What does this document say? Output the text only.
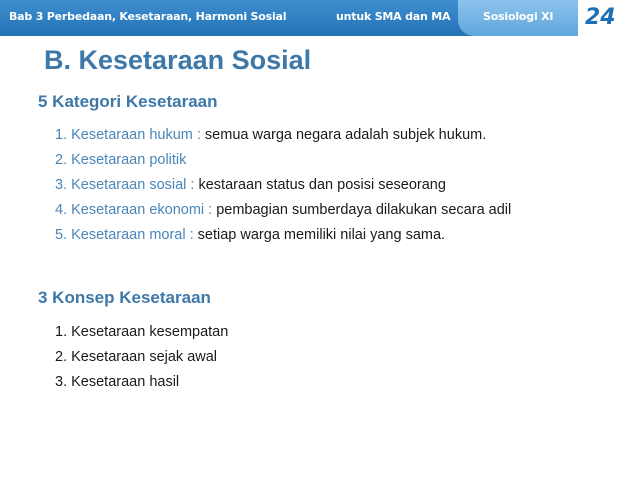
Bab 3 Perbedaan, Kesetaraan, Harmoni Sosial	untuk SMA dan MA	Sosiologi XI 24
B. Kesetaraan Sosial
5 Kategori Kesetaraan
1. Kesetaraan hukum : semua warga negara adalah subjek hukum.
2. Kesetaraan politik
3. Kesetaraan sosial : kestaraan status dan posisi seseorang
4. Kesetaraan ekonomi : pembagian sumberdaya dilakukan secara adil
5. Kesetaraan moral : setiap warga memiliki nilai yang sama.
3 Konsep Kesetaraan
1. Kesetaraan kesempatan
2. Kesetaraan sejak awal
3. Kesetaraan hasil
